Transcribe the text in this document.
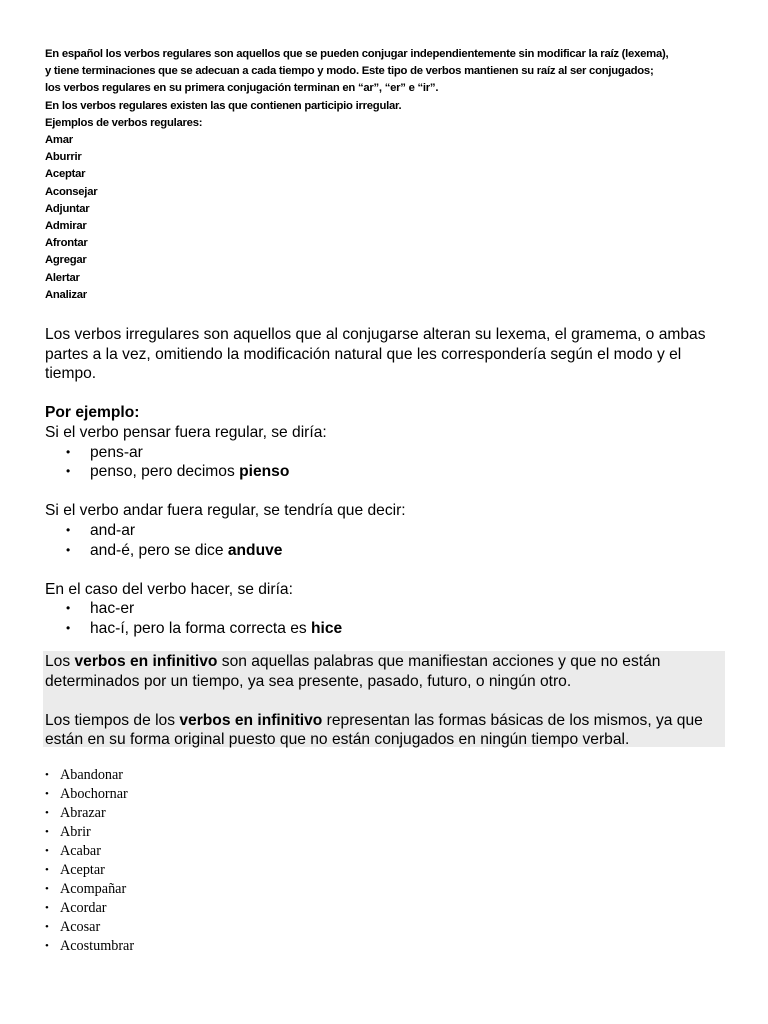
En español los verbos regulares son aquellos que se pueden conjugar independientemente sin modificar la raíz (lexema),

y tiene terminaciones que se adecuan a cada tiempo y modo. Este tipo de verbos mantienen su raíz al ser conjugados;

los verbos regulares en su primera conjugación terminan en “ar”, “er” e “ir”.

En los verbos regulares existen las que contienen participio irregular.

Ejemplos de verbos regulares:

Amar
Aburrir
Aceptar
Aconsejar
Adjuntar
Admirar
Afrontar
Agregar
Alertar
Analizar

Los verbos irregulares son aquellos que al conjugarse alteran su lexema, el gramema, o ambas partes a la vez, omitiendo la modificación natural que les correspondería según el modo y el tiempo.

Por ejemplo:

Si el verbo pensar fuera regular, se diría:

• pens-ar
• penso, pero decimos pienso

Si el verbo andar fuera regular, se tendría que decir:

• and-ar
• and-é, pero se dice anduve

En el caso del verbo hacer, se diría:

• hac-er
• hac-í, pero la forma correcta es hice

Los verbos en infinitivo son aquellas palabras que manifiestan acciones y que no están determinados por un tiempo, ya sea presente, pasado, futuro, o ningún otro.

Los tiempos de los verbos en infinitivo representan las formas básicas de los mismos, ya que están en su forma original puesto que no están conjugados en ningún tiempo verbal.

• Abandonar
• Abochornar
• Abrazar
• Abrir
• Acabar
• Aceptar
• Acompañar
• Acordar
• Acosar
• Acostumbrar
